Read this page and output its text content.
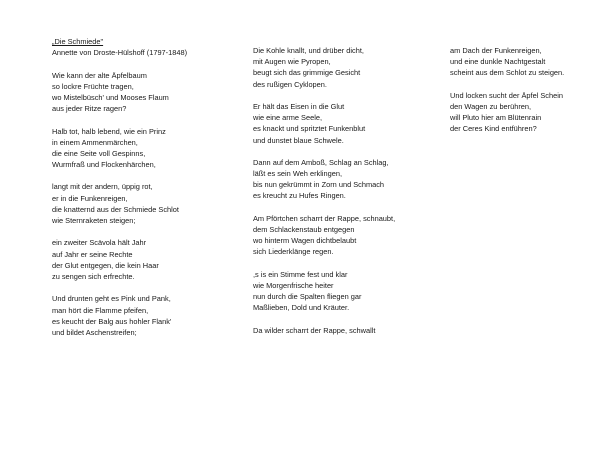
„Die Schmiede"
Annette von Droste-Hülshoff (1797-1848)
Wie kann der alte Äpfelbaum
so lockre Früchte tragen,
wo Mistelbüsch' und Mooses Flaum
aus jeder Ritze ragen?
Halb tot, halb lebend, wie ein Prinz
in einem Ammenmärchen,
die eine Seite voll Gespinns,
Wurmfraß und Flockenhärchen,
langt mit der andern, üppig rot,
er in die Funkenreigen,
die knatternd aus der Schmiede Schlot
wie Sternraketen steigen;
ein zweiter Scävola hält Jahr
auf Jahr er seine Rechte
der Glut entgegen, die kein Haar
zu sengen sich erfrechte.
Und drunten geht es Pink und Pank,
man hört die Flamme pfeifen,
es keucht der Balg aus hohler Flank'
und bildet Aschenstreifen;
Die Kohle knallt, und drüber dicht,
mit Augen wie Pyropen,
beugt sich das grimmige Gesicht
des rußigen Cyklopen.
Er hält das Eisen in die Glut
wie eine arme Seele,
es knackt und spritztet Funkenblut
und dunstet blaue Schwele.
Dann auf dem Amboß, Schlag an Schlag,
läßt es sein Weh erklingen,
bis nun gekrümmt in Zorn und Schmach
es kreucht zu Hufes Ringen.
Am Pförtchen scharrt der Rappe, schnaubt,
dem Schlackenstaub entgegen
wo hinterm Wagen dichtbelaubt
sich Liederklänge regen.
,s is ein Stimme fest und klar
wie Morgenfrische heiter
nun durch die Spalten fliegen gar
Maßlieben, Dold und Kräuter.
Da wilder scharrt der Rappe, schwallt
am Dach der Funkenreigen,
und eine dunkle Nachtgestalt
scheint aus dem Schlot zu steigen.
Und locken sucht der Äpfel Schein
den Wagen zu berühren,
will Pluto hier am Blütenrain
der Ceres Kind entführen?
